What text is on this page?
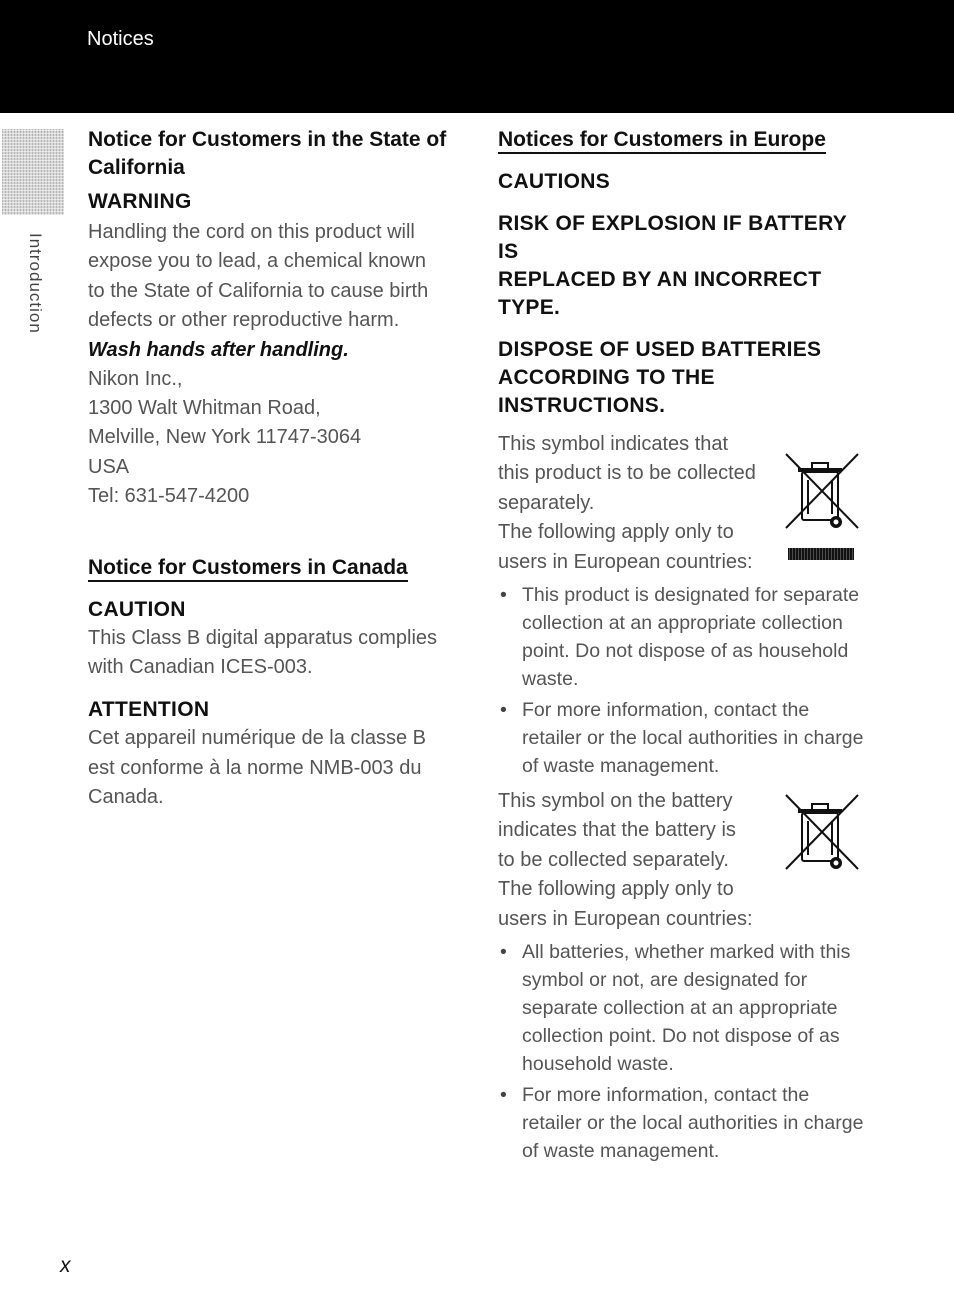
Notices
Introduction
Notice for Customers in the State of California
WARNING
Handling the cord on this product will
expose you to lead, a chemical known
to the State of California to cause birth
defects or other reproductive harm.

Wash hands after handling.

Nikon Inc.,
1300 Walt Whitman Road,
Melville, New York 11747-3064
USA
Tel: 631-547-4200
Notice for Customers in Canada
CAUTION
This Class B digital apparatus complies
with Canadian ICES-003.
ATTENTION
Cet appareil numérique de la classe B
est conforme à la norme NMB-003 du
Canada.
Notices for Customers in Europe
CAUTIONS
RISK OF EXPLOSION IF BATTERY IS
REPLACED BY AN INCORRECT
TYPE.
DISPOSE OF USED BATTERIES
ACCORDING TO THE
INSTRUCTIONS.
This symbol indicates that
this product is to be collected
separately.
The following apply only to
users in European countries:
• This product is designated for separate collection at an appropriate collection point. Do not dispose of as household waste.
• For more information, contact the retailer or the local authorities in charge of waste management.
This symbol on the battery
indicates that the battery is
to be collected separately.
The following apply only to
users in European countries:
• All batteries, whether marked with this symbol or not, are designated for separate collection at an appropriate collection point. Do not dispose of as household waste.
• For more information, contact the retailer or the local authorities in charge of waste management.
x
